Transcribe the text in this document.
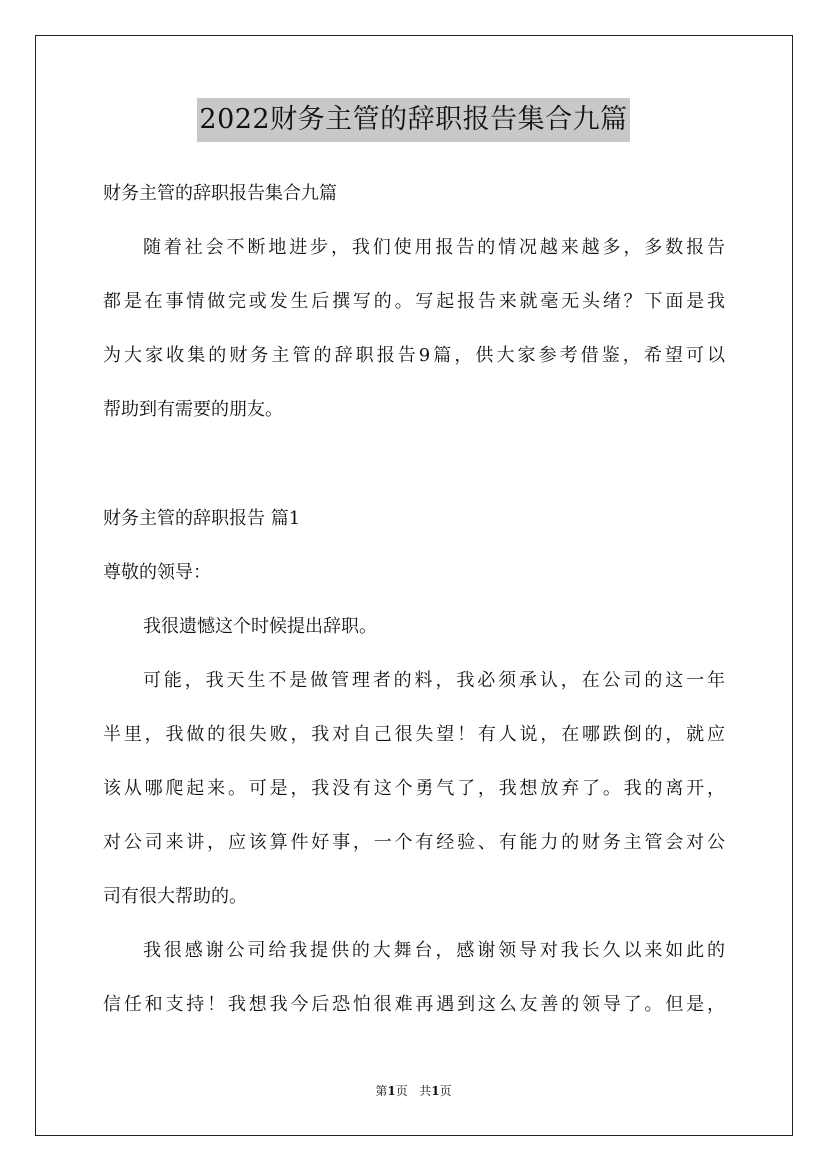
2022财务主管的辞职报告集合九篇
财务主管的辞职报告集合九篇
随着社会不断地进步，我们使用报告的情况越来越多，多数报告
都是在事情做完或发生后撰写的。写起报告来就毫无头绪？下面是我
为大家收集的财务主管的辞职报告9篇，供大家参考借鉴，希望可以
帮助到有需要的朋友。
财务主管的辞职报告 篇1
尊敬的领导：
我很遗憾这个时候提出辞职。
可能，我天生不是做管理者的料，我必须承认，在公司的这一年
半里，我做的很失败，我对自己很失望！有人说，在哪跌倒的，就应
该从哪爬起来。可是，我没有这个勇气了，我想放弃了。我的离开，
对公司来讲，应该算件好事，一个有经验、有能力的财务主管会对公
司有很大帮助的。
我很感谢公司给我提供的大舞台，感谢领导对我长久以来如此的
信任和支持！我想我今后恐怕很难再遇到这么友善的领导了。但是，
第1页 共1页
